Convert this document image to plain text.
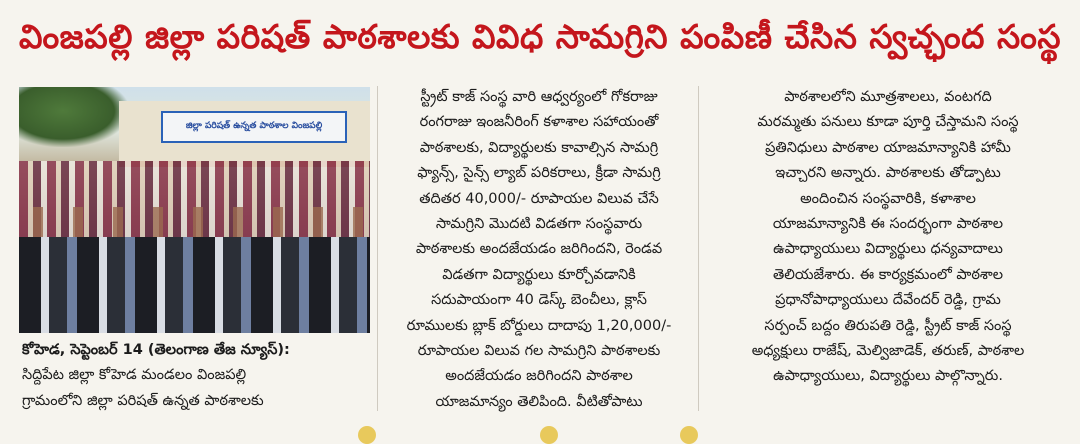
వింజపల్లి జిల్లా పరిషత్ పాఠశాలకు వివిధ సామగ్రిని పంపిణీ చేసిన స్వచ్ఛంద సంస్థ
జిల్లా పరిషత్ ఉన్నత పాఠశాల వింజపల్లి
కోహెడ, సెప్టెంబర్ 14 (తెలంగాణ తేజ న్యూస్):
సిద్దిపేట జిల్లా కోహెడ మండలం వింజపల్లి
గ్రామంలోని జిల్లా పరిషత్ ఉన్నత పాఠశాలకు
స్ట్రీట్ కాజ్ సంస్థ వారి ఆధ్వర్యంలో గోకరాజు
రంగరాజు ఇంజనీరింగ్ కళాశాల సహాయంతో
పాఠశాలకు, విద్యార్థులకు కావాల్సిన సామగ్రి
ఫ్యాన్స్, సైన్స్ ల్యాబ్ పరికరాలు, క్రీడా సామగ్రి
తదితర 40,000/- రూపాయల విలువ చేసే
సామగ్రిని మొదటి విడతగా సంస్థవారు
పాఠశాలకు అందజేయడం జరిగిందని, రెండవ
విడతగా విద్యార్థులు కూర్చోవడానికి
సదుపాయంగా 40 డెస్క్ బెంచీలు, క్లాస్
రూములకు బ్లాక్ బోర్డులు దాదాపు 1,20,000/-
రూపాయల విలువ గల సామగ్రిని పాఠశాలకు
అందజేయడం జరిగిందని పాఠశాల
యాజమాన్యం తెలిపింది. వీటితోపాటు
పాఠశాలలోని మూత్రశాలలు, వంటగది
మరమ్మతు పనులు కూడా పూర్తి చేస్తామని సంస్థ
ప్రతినిధులు పాఠశాల యాజమాన్యానికి హామీ
ఇచ్చారని అన్నారు. పాఠశాలకు తోడ్పాటు
అందించిన సంస్థవారికి, కళాశాల
యాజమాన్యానికి ఈ సందర్భంగా పాఠశాల
ఉపాధ్యాయులు విద్యార్థులు ధన్యవాదాలు
తెలియజేశారు. ఈ కార్యక్రమంలో పాఠశాల
ప్రధానోపాధ్యాయులు దేవేందర్ రెడ్డి, గ్రామ
సర్పంచ్ బద్దం తిరుపతి రెడ్డి, స్ట్రీట్ కాజ్ సంస్థ
అధ్యక్షులు రాజేష్, మెల్విజాడెక్, తరుణ్, పాఠశాల
ఉపాధ్యాయులు, విద్యార్థులు పాల్గొన్నారు.
